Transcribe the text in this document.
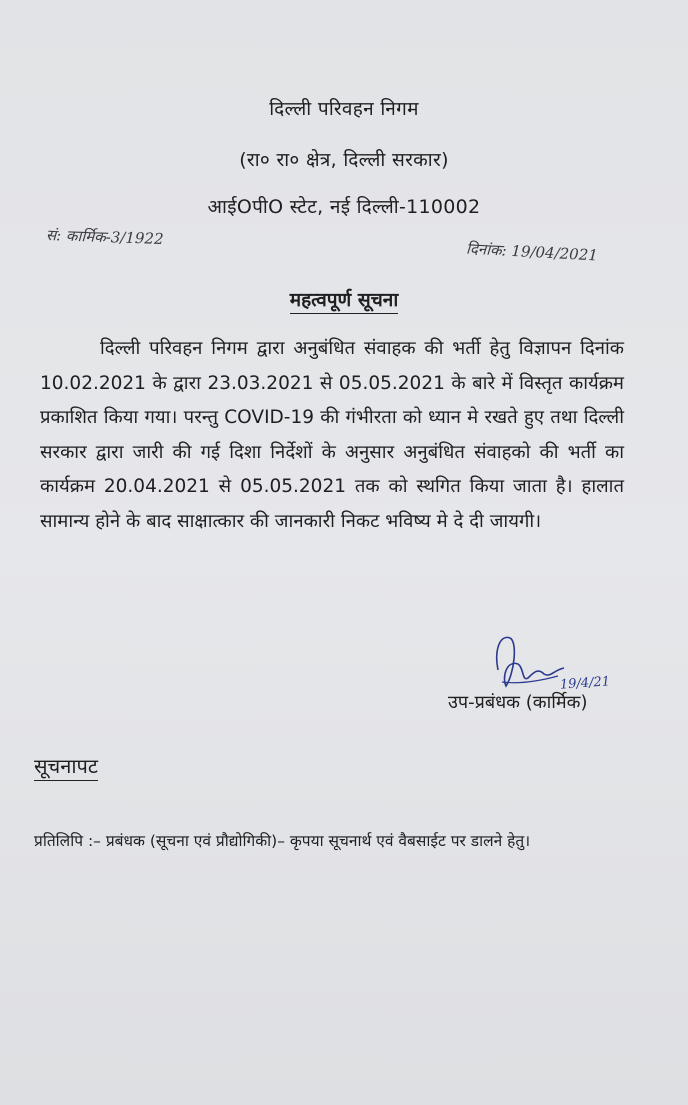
दिल्ली परिवहन निगम
(रा० रा० क्षेत्र, दिल्ली सरकार)
आईOपीO स्टेट, नई दिल्ली-110002
सं: कार्मिक-3/1922
दिनांक: 19/04/2021
महत्वपूर्ण सूचना

दिल्ली परिवहन निगम द्वारा अनुबंधित संवाहक की भर्ती हेतु विज्ञापन दिनांक 10.02.2021 के द्वारा 23.03.2021 से 05.05.2021 के बारे में विस्तृत कार्यक्रम प्रकाशित किया गया। परन्तु COVID-19 की गंभीरता को ध्यान मे रखते हुए तथा दिल्ली सरकार द्वारा जारी की गई दिशा निर्देशों के अनुसार अनुबंधित संवाहको की भर्ती का कार्यक्रम 20.04.2021 से 05.05.2021 तक को स्थगित किया जाता है। हालात सामान्य होने के बाद साक्षात्कार की जानकारी निकट भविष्य मे दे दी जायगी।

19/4/21
उप-प्रबंधक (कार्मिक)
सूचनापट
प्रतिलिपि :– प्रबंधक (सूचना एवं प्रौद्योगिकी)– कृपया सूचनार्थ एवं वैबसाईट पर डालने हेतु।
